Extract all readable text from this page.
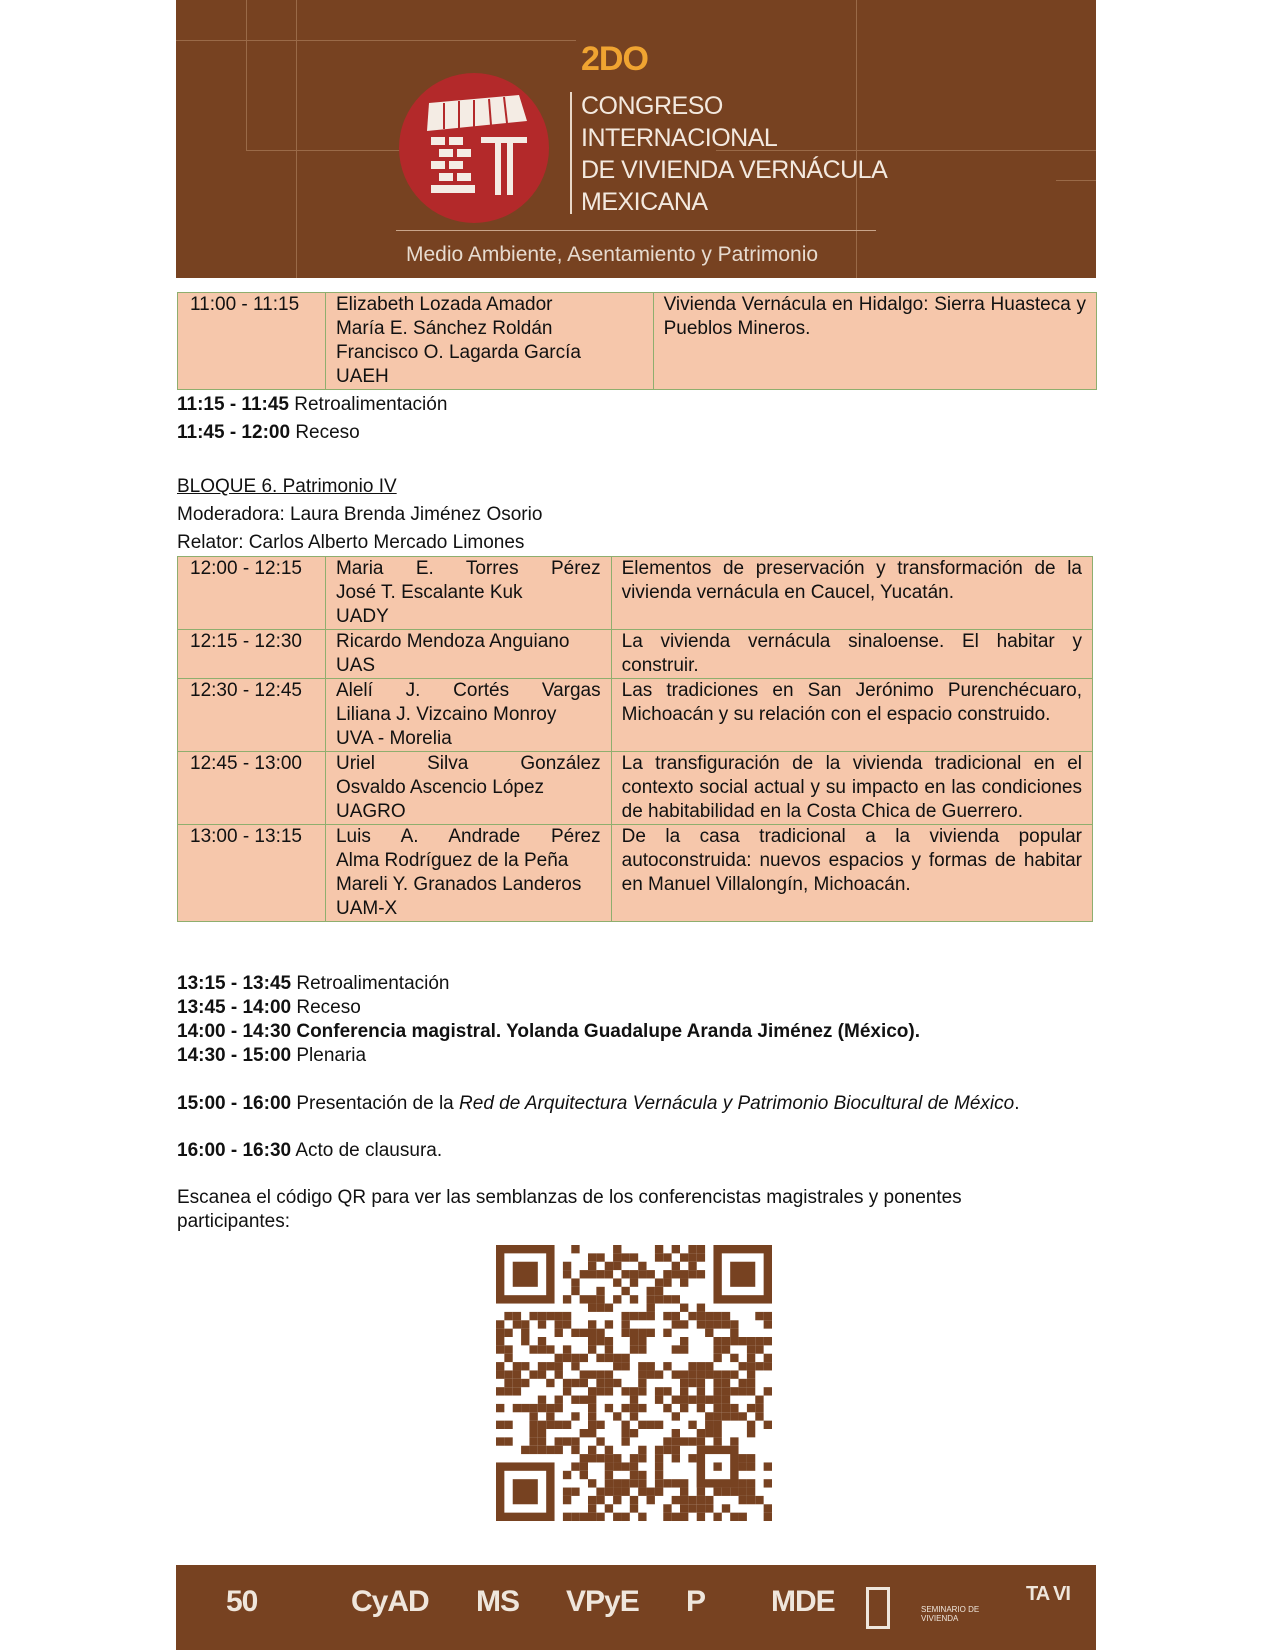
2DO
CONGRESO
INTERNACIONAL
DE VIVIENDA VERNÁCULA
MEXICANA
Medio Ambiente, Asentamiento y Patrimonio
11:00 - 11:15	Elizabeth Lozada Amador
María E. Sánchez Roldán
Francisco O. Lagarda García
UAEH
	Vivienda Vernácula en Hidalgo: Sierra Huasteca y Pueblos Mineros.
11:15 - 11:45 Retroalimentación
11:45 - 12:00 Receso
BLOQUE 6. Patrimonio IV
Moderadora: Laura Brenda Jiménez Osorio
Relator: Carlos Alberto Mercado Limones
12:00 - 12:15	Maria E. Torres Pérez
José T. Escalante Kuk
UADY	Elementos de preservación y transformación de la vivienda vernácula en Caucel, Yucatán.
12:15 - 12:30	Ricardo Mendoza Anguiano
UAS	La vivienda vernácula sinaloense. El habitar y construir.
12:30 - 12:45	Alelí J. Cortés Vargas
Liliana J. Vizcaino Monroy
UVA - Morelia	Las tradiciones en San Jerónimo Purenchécuaro, Michoacán y su relación con el espacio construido.
12:45 - 13:00	Uriel Silva González
Osvaldo Ascencio López
UAGRO	La transfiguración de la vivienda tradicional en el contexto social actual y su impacto en las condiciones de habitabilidad en la Costa Chica de Guerrero.
13:00 - 13:15	Luis A. Andrade Pérez
Alma Rodríguez de la Peña
Mareli Y. Granados Landeros
UAM-X	De la casa tradicional a la vivienda popular autoconstruida: nuevos espacios y formas de habitar en Manuel Villalongín, Michoacán.
13:15 - 13:45 Retroalimentación
13:45 - 14:00 Receso
14:00 - 14:30 Conferencia magistral. Yolanda Guadalupe Aranda Jiménez (México).
14:30 - 15:00 Plenaria
15:00 - 16:00 Presentación de la Red de Arquitectura Vernácula y Patrimonio Biocultural de México.
16:00 - 16:30 Acto de clausura.
Escanea el código QR para ver las semblanzas de los conferencistas magistrales y ponentes participantes:
50	CyAD MS VPyE P MDE	SEMINARIO DE VIVIENDA
TA VI
